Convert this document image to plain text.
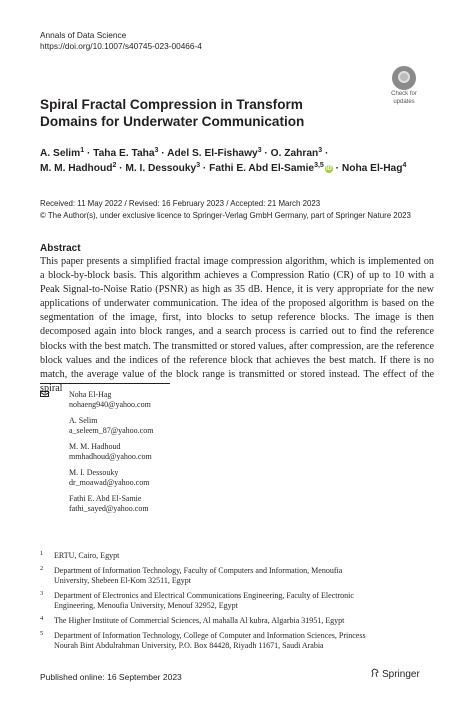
Annals of Data Science
https://doi.org/10.1007/s40745-023-00466-4
Check for
updates
Spiral Fractal Compression in Transform
Domains for Underwater Communication
A. Selim$^1$ · Taha E. Taha$^3$ · Adel S. El-Fishawy$^3$ · O. Zahran$^3$ ·
M. M. Hadhoud$^2$ · M. I. Dessouky$^3$ · Fathi E. Abd El-Samie$^{3,5}$ iD · Noha El-Hag$^4$
Received: 11 May 2022 / Revised: 16 February 2023 / Accepted: 21 March 2023
© The Author(s), under exclusive licence to Springer-Verlag GmbH Germany, part of Springer Nature 2023
Abstract
This paper presents a simplified fractal image compression algorithm, which is implemented on a block-by-block basis. This algorithm achieves a Compression Ratio (CR) of up to 10 with a Peak Signal-to-Noise Ratio (PSNR) as high as 35 dB. Hence, it is very appropriate for the new applications of underwater communication. The idea of the proposed algorithm is based on the segmentation of the image, first, into blocks to setup reference blocks. The image is then decomposed again into block ranges, and a search process is carried out to find the reference blocks with the best match. The transmitted or stored values, after compression, are the reference block values and the indices of the reference block that achieves the best match. If there is no match, the average value of the block range is transmitted or stored instead. The effect of the spiral
Noha El-Hag
nohaeng940@yahoo.com
A. Selim
a_seleem_87@yahoo.com
M. M. Hadhoud
mmhadhoud@yahoo.com
M. I. Dessouky
dr_moawad@yahoo.com
Fathi E. Abd El-Samie
fathi_sayed@yahoo.com
1 ERTU, Cairo, Egypt
2 Department of Information Technology, Faculty of Computers and Information, Menoufia
University, Shebeen El-Kom 32511, Egypt
3 Department of Electronics and Electrical Communications Engineering, Faculty of Electronic
Engineering, Menoufia University, Menouf 32952, Egypt
4 The Higher Institute of Commercial Sciences, Al mahalla Al kubra, Algarbia 31951, Egypt
5 Department of Information Technology, College of Computer and Information Sciences, Princess
Nourah Bint Abdulrahman University, P.O. Box 84428, Riyadh 11671, Saudi Arabia
Published online: 16 September 2023	Springer
